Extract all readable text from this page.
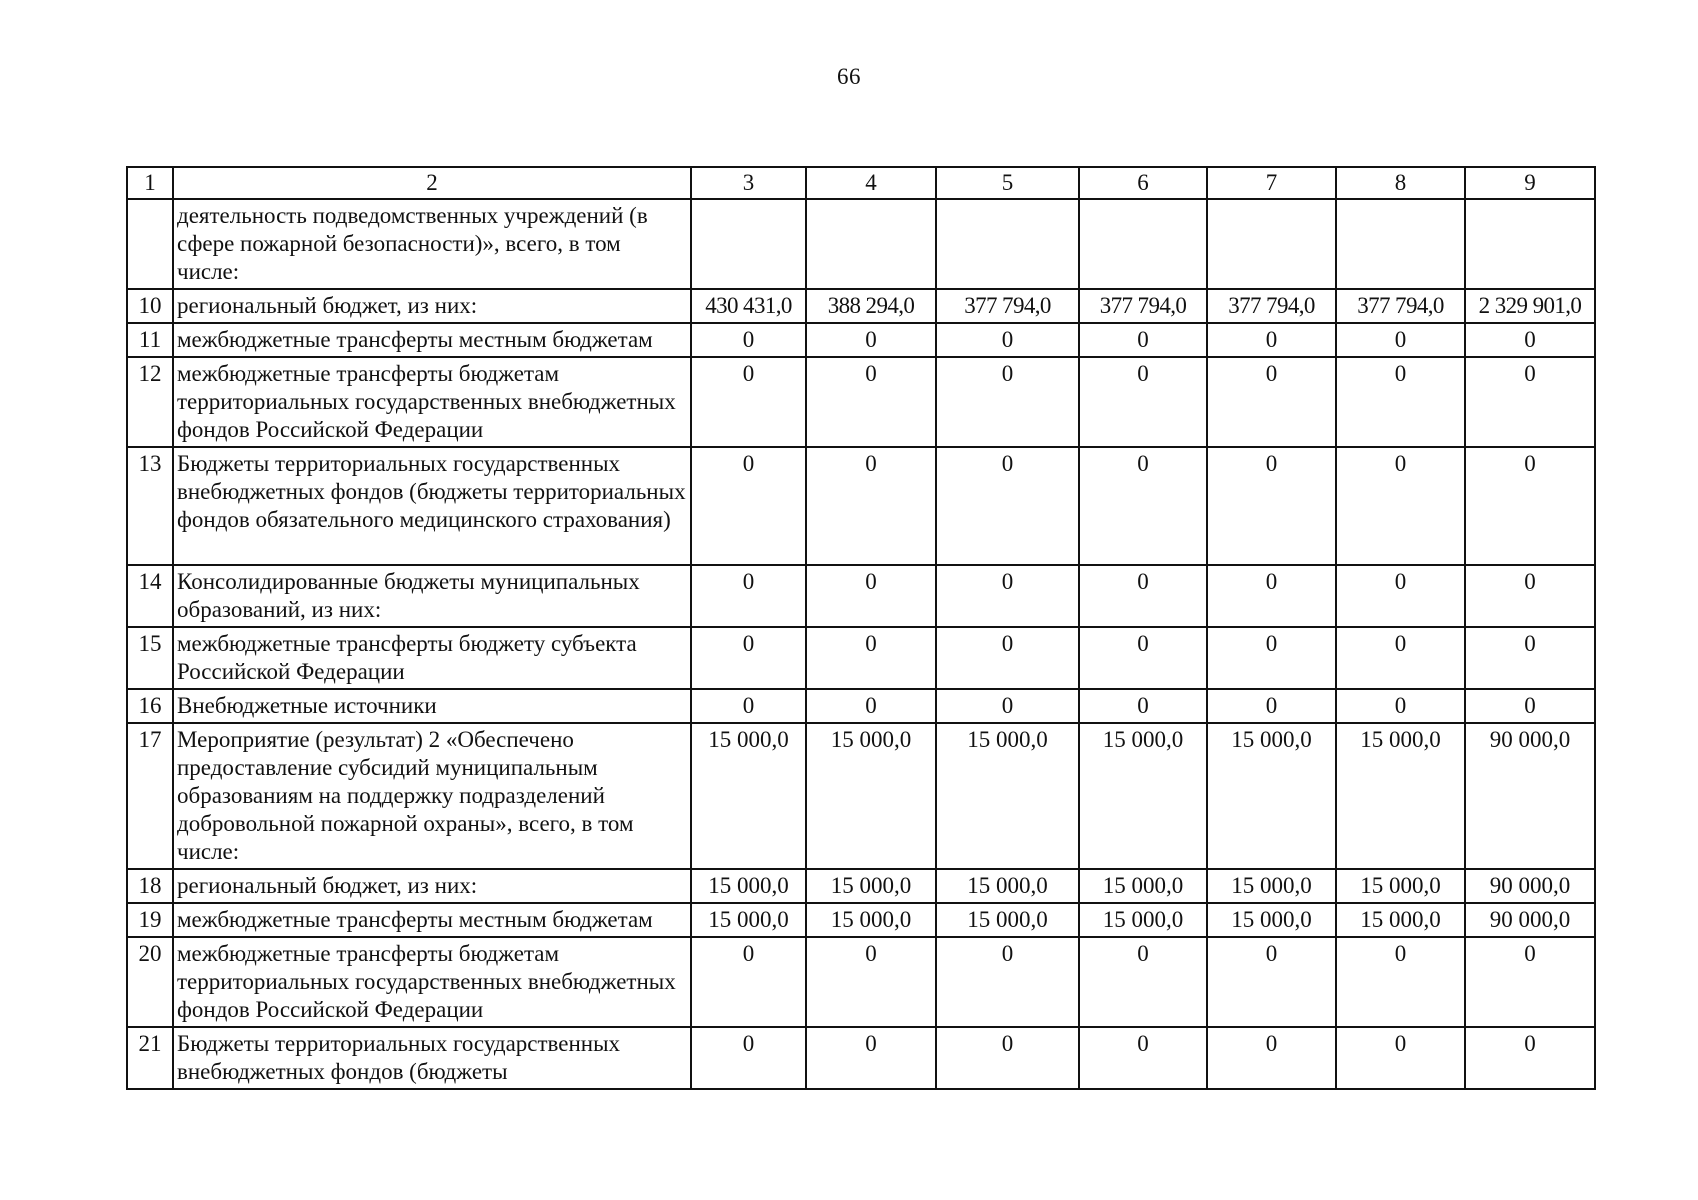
66
1	2	3	4	5	6	7	8	9
	деятельность подведомственных учреждений (в сфере пожарной безопасности)», всего, в том числе:							
10	региональный бюджет, из них:	430 431,0	388 294,0	377 794,0	377 794,0	377 794,0	377 794,0	2 329 901,0
11	межбюджетные трансферты местным бюджетам	0	0	0	0	0	0	0
12	межбюджетные трансферты бюджетам территориальных государственных внебюджетных фондов Российской Федерации	0	0	0	0	0	0	0
13	Бюджеты территориальных государственных внебюджетных фондов (бюджеты территориальных фондов обязательного медицинского страхования)	0	0	0	0	0	0	0
14	Консолидированные бюджеты муниципальных образований, из них:	0	0	0	0	0	0	0
15	межбюджетные трансферты бюджету субъекта Российской Федерации	0	0	0	0	0	0	0
16	Внебюджетные источники	0	0	0	0	0	0	0
17	Мероприятие (результат) 2 «Обеспечено предоставление субсидий муниципальным образованиям на поддержку подразделений добровольной пожарной охраны», всего, в том числе:	15 000,0	15 000,0	15 000,0	15 000,0	15 000,0	15 000,0	90 000,0
18	региональный бюджет, из них:	15 000,0	15 000,0	15 000,0	15 000,0	15 000,0	15 000,0	90 000,0
19	межбюджетные трансферты местным бюджетам	15 000,0	15 000,0	15 000,0	15 000,0	15 000,0	15 000,0	90 000,0
20	межбюджетные трансферты бюджетам территориальных государственных внебюджетных фондов Российской Федерации	0	0	0	0	0	0	0
21	Бюджеты территориальных государственных внебюджетных фондов (бюджеты	0	0	0	0	0	0	0
